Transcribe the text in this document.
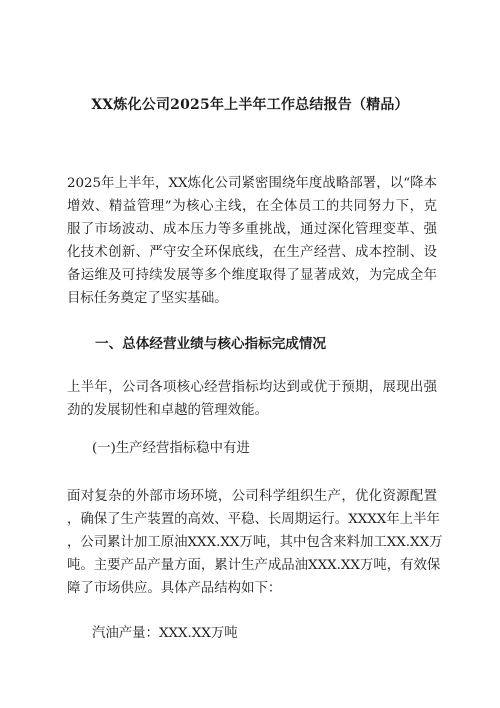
XX炼化公司2025年上半年工作总结报告（精品）
2025年上半年，XX炼化公司紧密围绕年度战略部署，以“降本
增效、精益管理”为核心主线，在全体员工的共同努力下，克
服了市场波动、成本压力等多重挑战，通过深化管理变革、强
化技术创新、严守安全环保底线，在生产经营、成本控制、设
备运维及可持续发展等多个维度取得了显著成效，为完成全年
目标任务奠定了坚实基础。
一、总体经营业绩与核心指标完成情况
上半年，公司各项核心经营指标均达到或优于预期，展现出强
劲的发展韧性和卓越的管理效能。
(一)生产经营指标稳中有进
面对复杂的外部市场环境，公司科学组织生产，优化资源配置
，确保了生产装置的高效、平稳、长周期运行。XXXX年上半年
，公司累计加工原油XXX.XX万吨，其中包含来料加工XX.XX万
吨。主要产品产量方面，累计生产成品油XXX.XX万吨，有效保
障了市场供应。具体产品结构如下：
汽油产量：XXX.XX万吨
